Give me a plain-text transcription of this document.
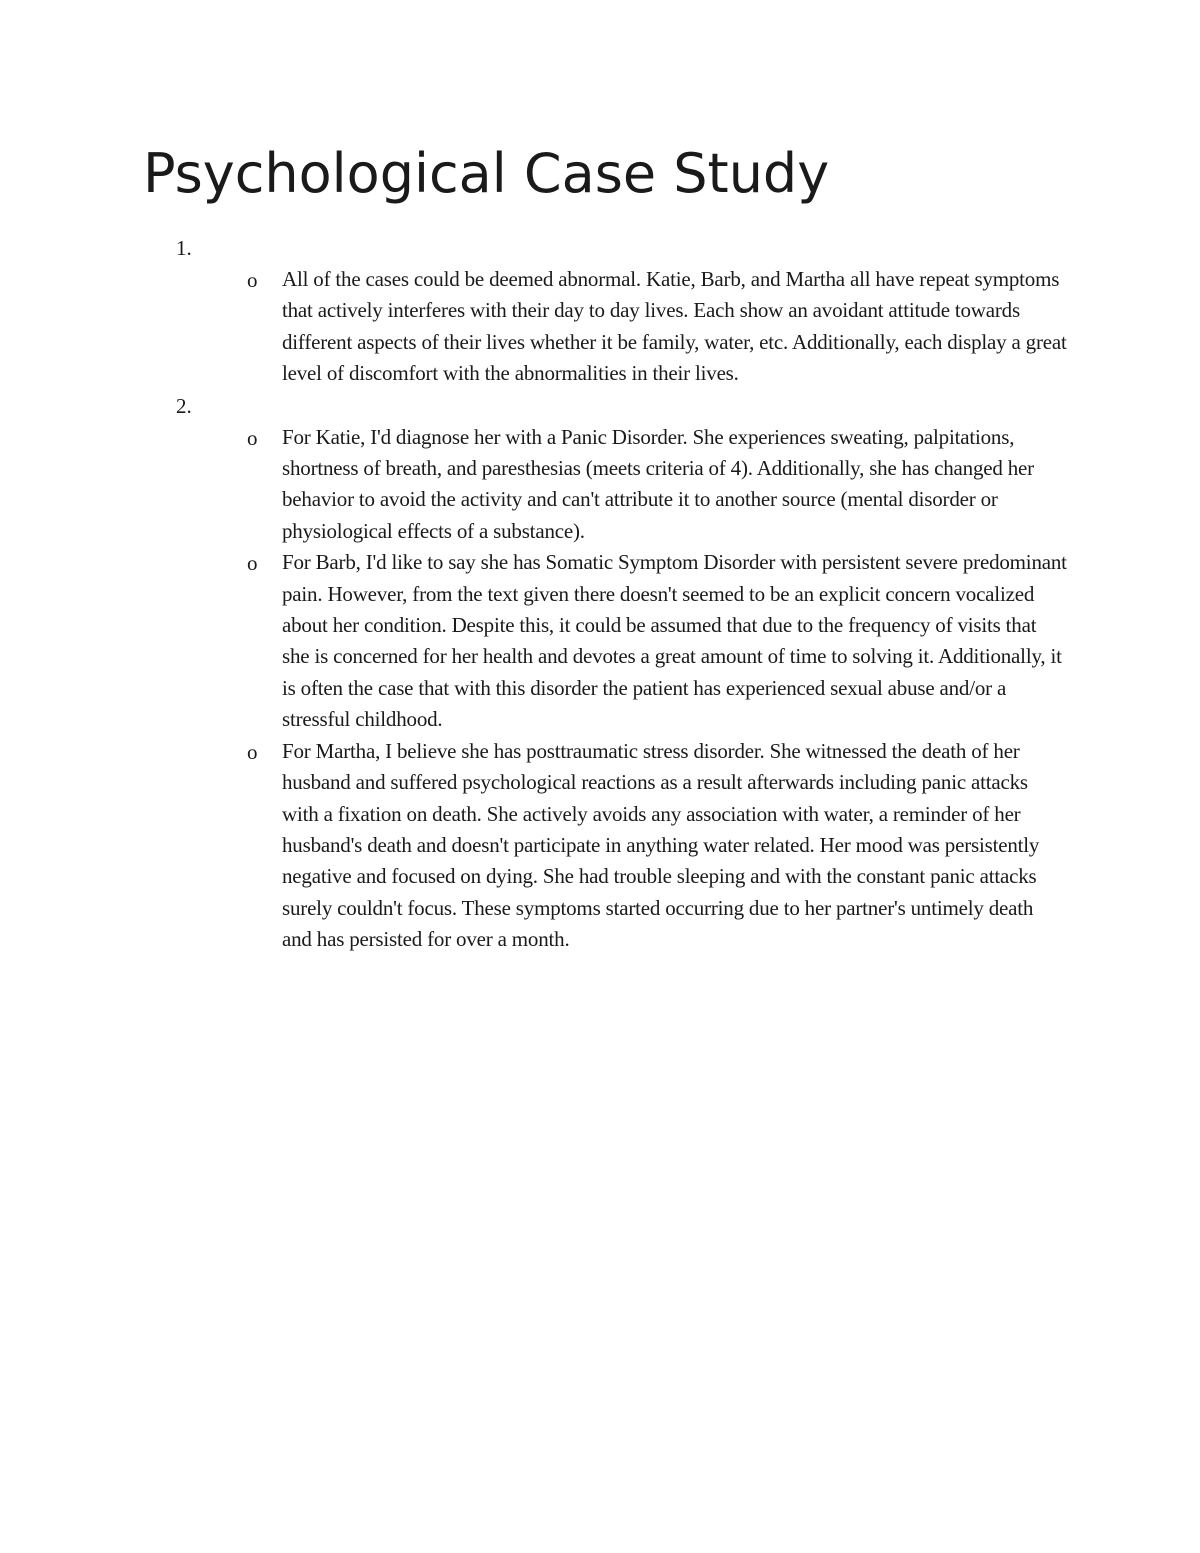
Psychological Case Study
1.
o All of the cases could be deemed abnormal. Katie, Barb, and Martha all have repeat symptoms that actively interferes with their day to day lives. Each show an avoidant attitude towards different aspects of their lives whether it be family, water, etc. Additionally, each display a great level of discomfort with the abnormalities in their lives.

2.
o For Katie, I'd diagnose her with a Panic Disorder. She experiences sweating, palpitations, shortness of breath, and paresthesias (meets criteria of 4). Additionally, she has changed her behavior to avoid the activity and can't attribute it to another source (mental disorder or physiological effects of a substance).

o For Barb, I'd like to say she has Somatic Symptom Disorder with persistent severe predominant pain. However, from the text given there doesn't seemed to be an explicit concern vocalized about her condition. Despite this, it could be assumed that due to the frequency of visits that she is concerned for her health and devotes a great amount of time to solving it. Additionally, it is often the case that with this disorder the patient has experienced sexual abuse and/or a stressful childhood.

o For Martha, I believe she has posttraumatic stress disorder. She witnessed the death of her husband and suffered psychological reactions as a result afterwards including panic attacks with a fixation on death. She actively avoids any association with water, a reminder of her husband's death and doesn't participate in anything water related. Her mood was persistently negative and focused on dying. She had trouble sleeping and with the constant panic attacks surely couldn't focus. These symptoms started occurring due to her partner's untimely death and has persisted for over a month.
